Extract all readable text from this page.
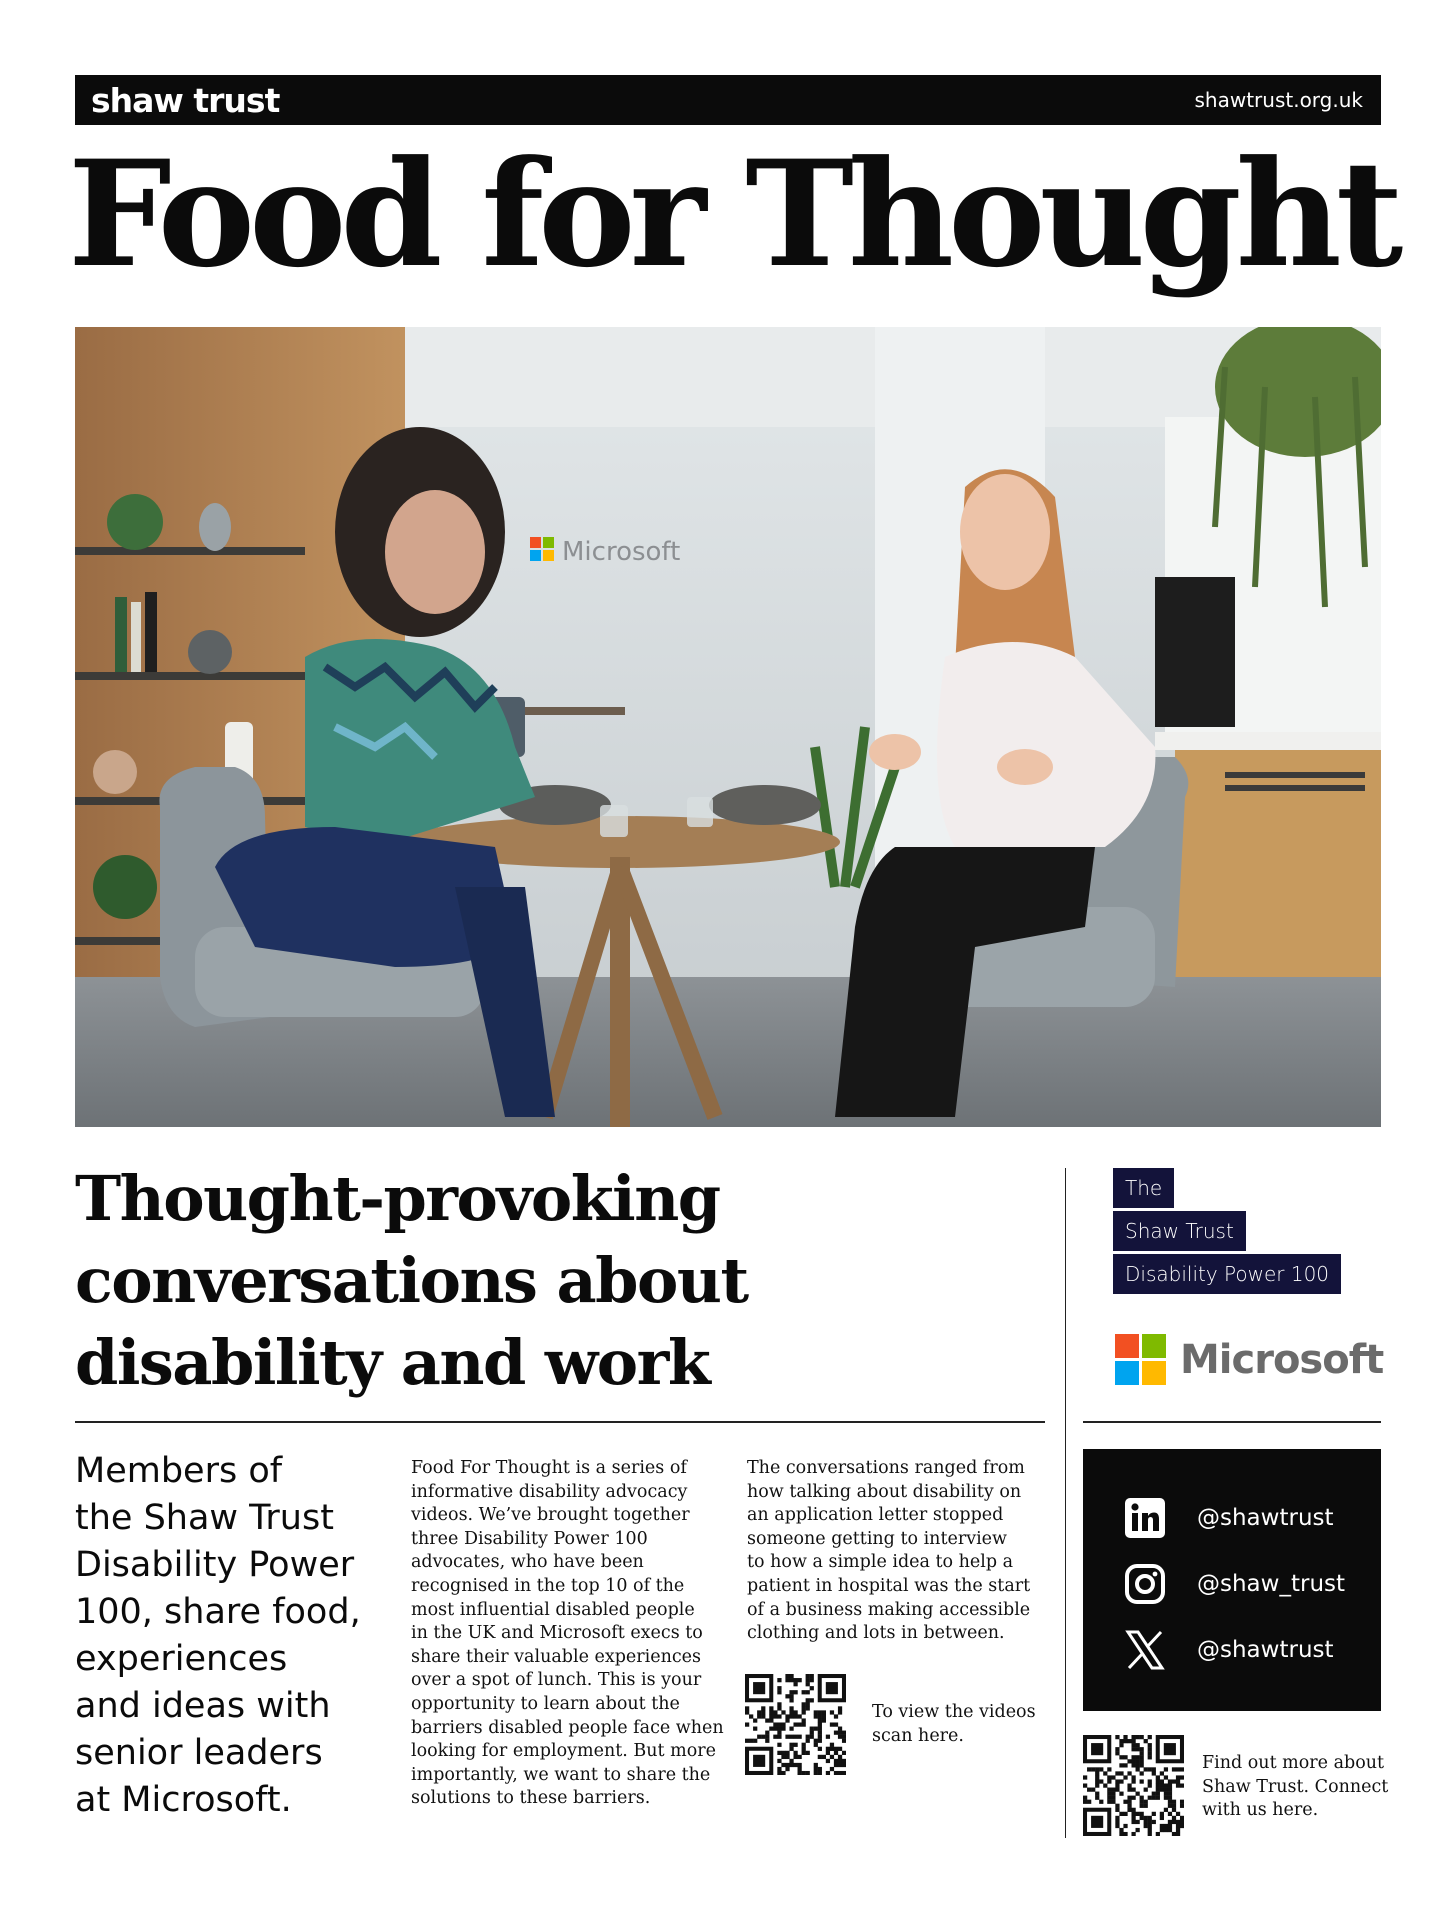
shaw trust	shawtrust.org.uk
Food for Thought
Microsoft
Thought-provoking
conversations about
disability and work
The
Shaw Trust
Disability Power 100
Microsoft
Members of
the Shaw Trust
Disability Power
100, share food,
experiences
and ideas with
senior leaders
at Microsoft.
Food For Thought is a series of
informative disability advocacy
videos. We’ve brought together
three Disability Power 100
advocates, who have been
recognised in the top 10 of the
most influential disabled people
in the UK and Microsoft execs to
share their valuable experiences
over a spot of lunch. This is your
opportunity to learn about the
barriers disabled people face when
looking for employment. But more
importantly, we want to share the
solutions to these barriers.
The conversations ranged from
how talking about disability on
an application letter stopped
someone getting to interview
to how a simple idea to help a
patient in hospital was the start
of a business making accessible
clothing and lots in between.
To view the videos
scan here.
@shawtrust
@shaw_trust
@shawtrust
Find out more about
Shaw Trust. Connect
with us here.
